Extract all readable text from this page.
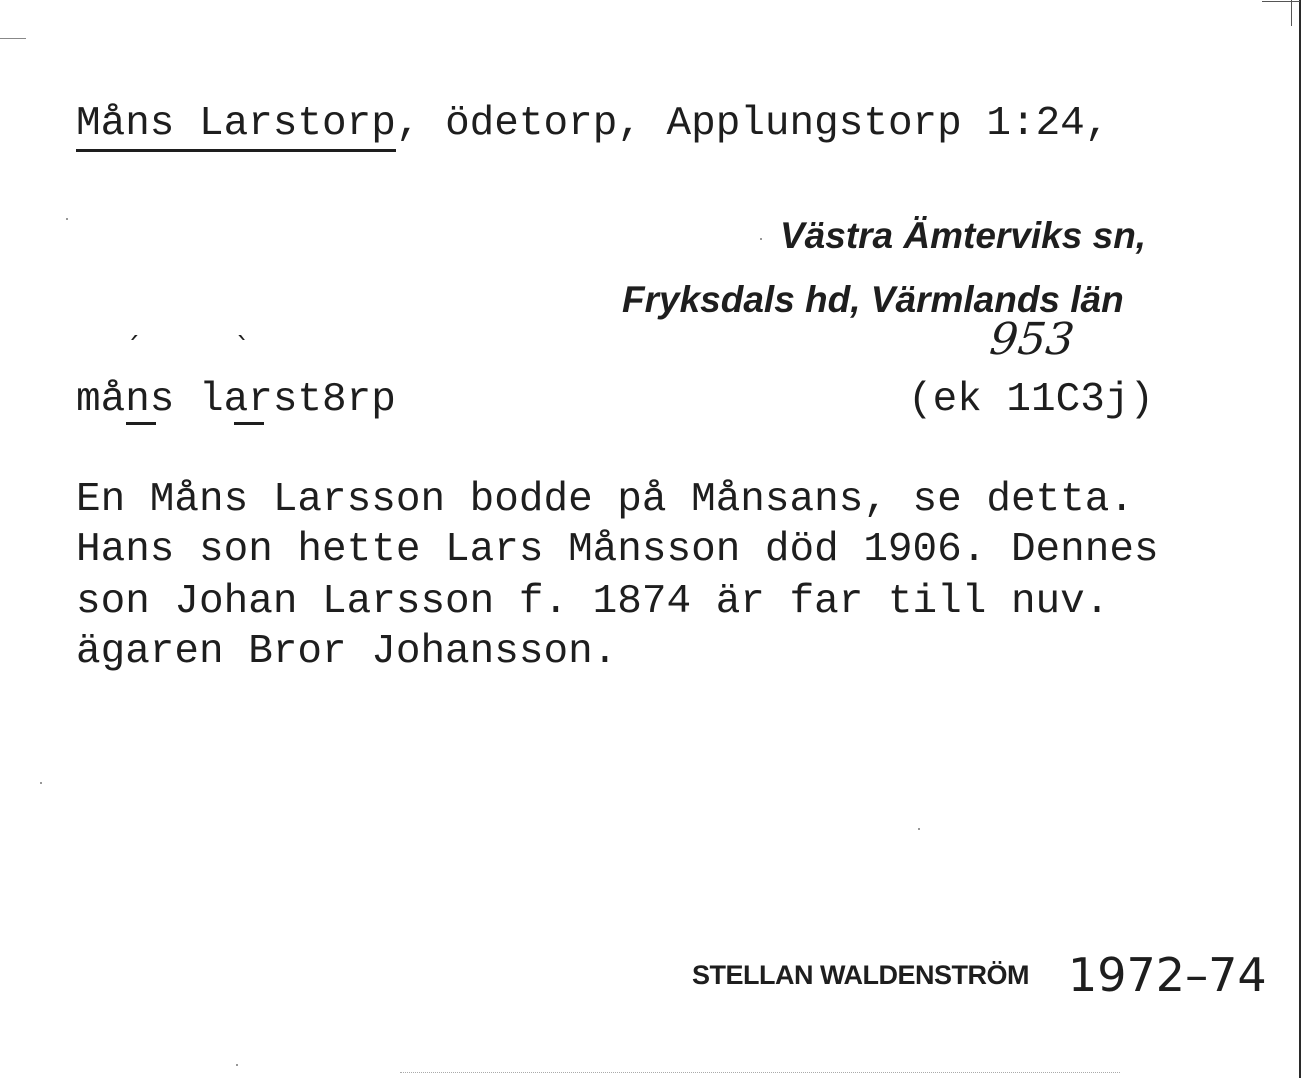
Måns Larstorp, ödetorp, Applungstorp 1:24,
Västra Ämterviks sn,
Fryksdals hd, Värmlands län
953
ˊ	ˋ
måns larst8rp	(ek 11C3j)
En Måns Larsson bodde på Månsans, se detta.
Hans son hette Lars Månsson död 1906. Dennes
son Johan Larsson f. 1874 är far till nuv.
ägaren Bror Johansson.
STELLAN WALDENSTRÖM 1972–74
